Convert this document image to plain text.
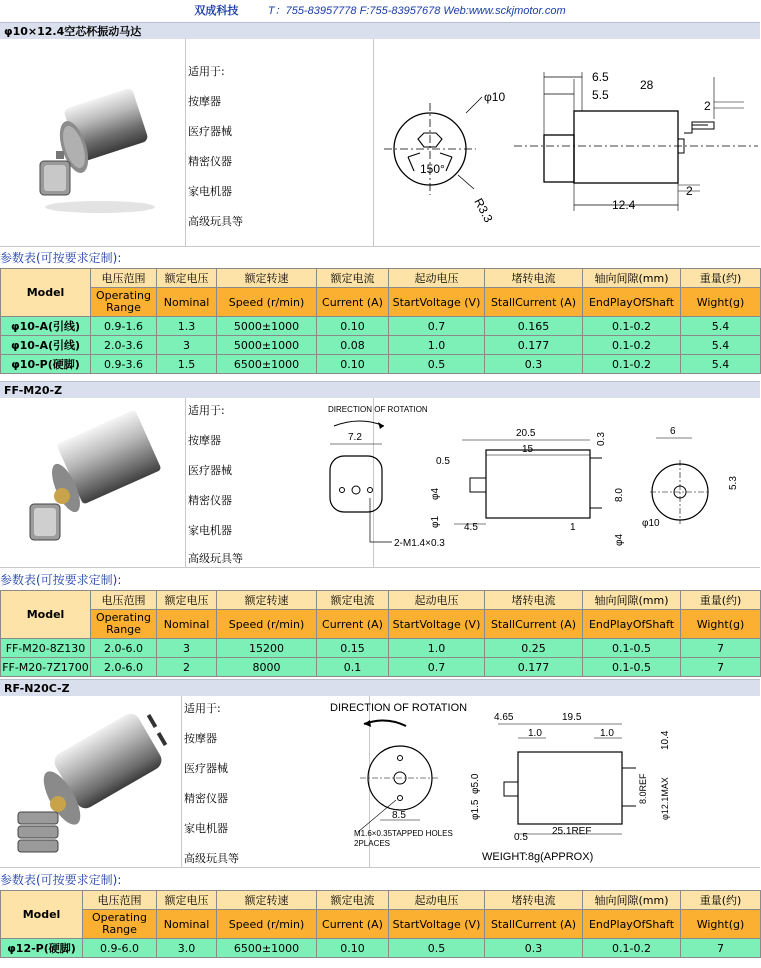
双成科技	T：755-83957778 F:755-83957678 Web:www.sckjmotor.com
φ10×12.4空芯杯振动马达
适用于:
按摩器
医疗器械
精密仪器
家电机器
高级玩具等
φ10
150°
R3.3
6.5
5.5
28
2
2
12.4
参数表(可按要求定制):
Model	电压范围	额定电压	额定转速	额定电流	起动电压	堵转电流	轴向间隙(mm)	重量(约)
	Operating Range	Nominal	Speed (r/min)	Current (A)	StartVoltage (V)	StallCurrent (A)	EndPlayOfShaft	Wight(g)
φ10-A(引线)	0.9-1.6	1.3	5000±1000	0.10	0.7	0.165	0.1-0.2	5.4
φ10-A(引线)	2.0-3.6	3	5000±1000	0.08	1.0	0.177	0.1-0.2	5.4
φ10-P(硬脚)	0.9-3.6	1.5	6500±1000	0.10	0.5	0.3	0.1-0.2	5.4
FF-M20-Z
适用于:
按摩器
医疗器械
精密仪器
家电机器
高级玩具等
DIRECTION OF ROTATION
7.2
2-M1.4×0.3
20.5
15
0.3
0.5
φ4
φ1 4.5	1
8.0
φ4
6
5.3
φ10
参数表(可按要求定制):
Model	电压范围	额定电压	额定转速	额定电流	起动电压	堵转电流	轴向间隙(mm)	重量(约)
	Operating Range	Nominal	Speed (r/min)	Current (A)	StartVoltage (V)	StallCurrent (A)	EndPlayOfShaft	Wight(g)
FF-M20-8Z130	2.0-6.0	3	15200	0.15	1.0	0.25	0.1-0.5	7
FF-M20-7Z1700	2.0-6.0	2	8000	0.1	0.7	0.177	0.1-0.5	7
RF-N20C-Z
适用于:
按摩器
医疗器械
精密仪器
家电机器
高级玩具等
DIRECTION OF ROTATION
8.5
M1.6×0.35TAPPED HOLES
2PLACES
4.65	19.5
1.0	1.0	10.4
φ5.0
φ1.5
8.0REF φ12.1MAX
0.5
25.1REF
WEIGHT:8g(APPROX)
参数表(可按要求定制):
Model	电压范围	额定电压	额定转速	额定电流	起动电压	堵转电流	轴向间隙(mm)	重量(约)
	Operating Range	Nominal	Speed (r/min)	Current (A)	StartVoltage (V)	StallCurrent (A)	EndPlayOfShaft	Wight(g)
φ12-P(硬脚)	0.9-6.0	3.0	6500±1000	0.10	0.5	0.3	0.1-0.2	7
